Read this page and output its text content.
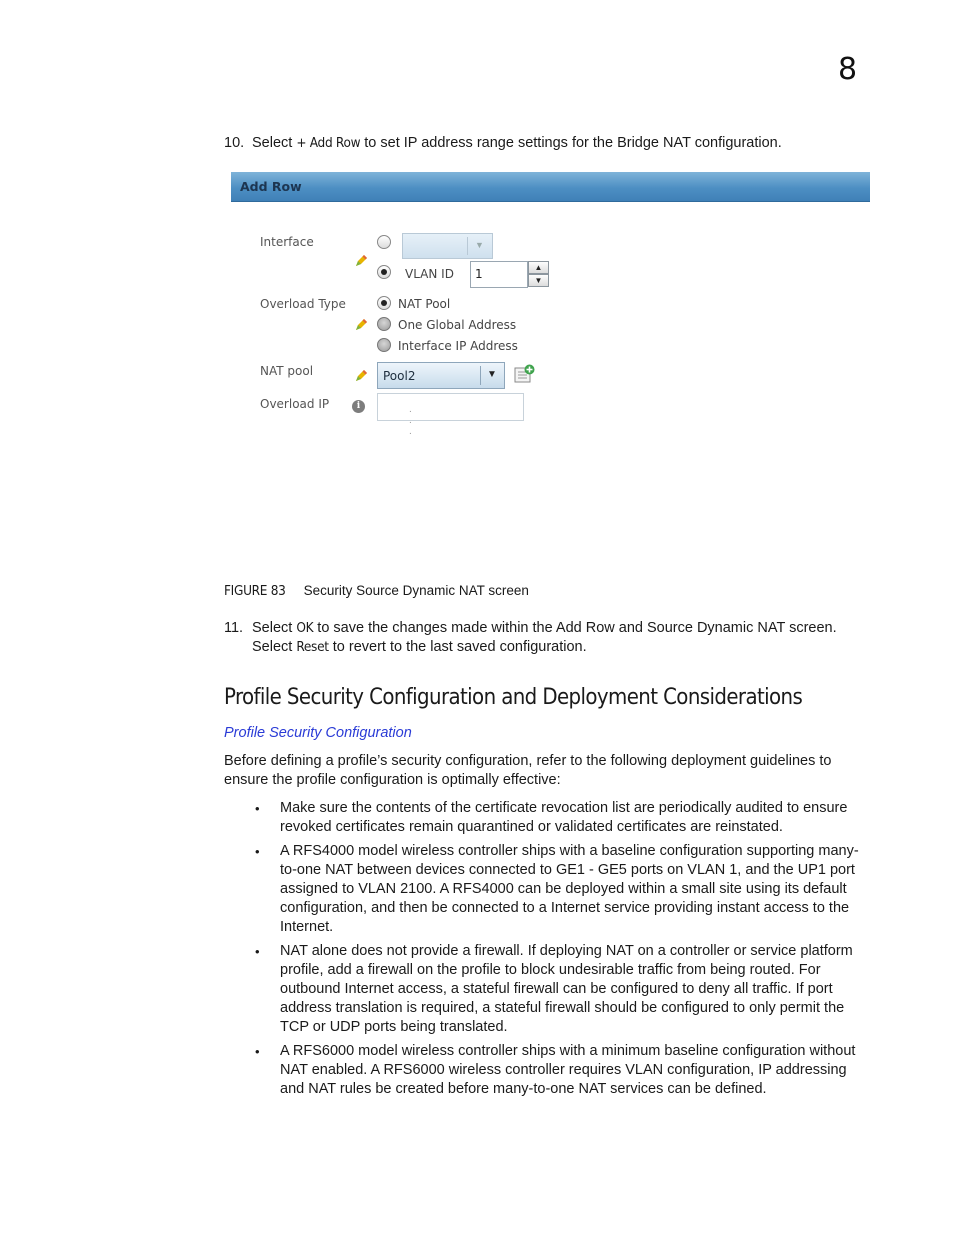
8
10. Select + Add Row to set IP address range settings for the Bridge NAT configuration.
Add Row
Interface	▼
VLAN ID 1	▲
▼
Overload Type	NAT Pool
One Global Address
Interface IP Address
NAT pool	Pool2	▼
Overload IP	i	. . .
FIGURE 83 Security Source Dynamic NAT screen
11. Select OK to save the changes made within the Add Row and Source Dynamic NAT screen.
Select Reset to revert to the last saved configuration.
Profile Security Configuration and Deployment Considerations
Profile Security Configuration
Before defining a profile’s security configuration, refer to the following deployment guidelines to ensure the profile configuration is optimally effective:
• Make sure the contents of the certificate revocation list are periodically audited to ensure revoked certificates remain quarantined or validated certificates are reinstated.
• A RFS4000 model wireless controller ships with a baseline configuration supporting many-to-one NAT between devices connected to GE1 - GE5 ports on VLAN 1, and the UP1 port assigned to VLAN 2100. A RFS4000 can be deployed within a small site using its default configuration, and then be connected to a Internet service providing instant access to the Internet.
• NAT alone does not provide a firewall. If deploying NAT on a controller or service platform profile, add a firewall on the profile to block undesirable traffic from being routed. For outbound Internet access, a stateful firewall can be configured to deny all traffic. If port address translation is required, a stateful firewall should be configured to only permit the TCP or UDP ports being translated.
• A RFS6000 model wireless controller ships with a minimum baseline configuration without NAT enabled. A RFS6000 wireless controller requires VLAN configuration, IP addressing and NAT rules be created before many-to-one NAT services can be defined.
